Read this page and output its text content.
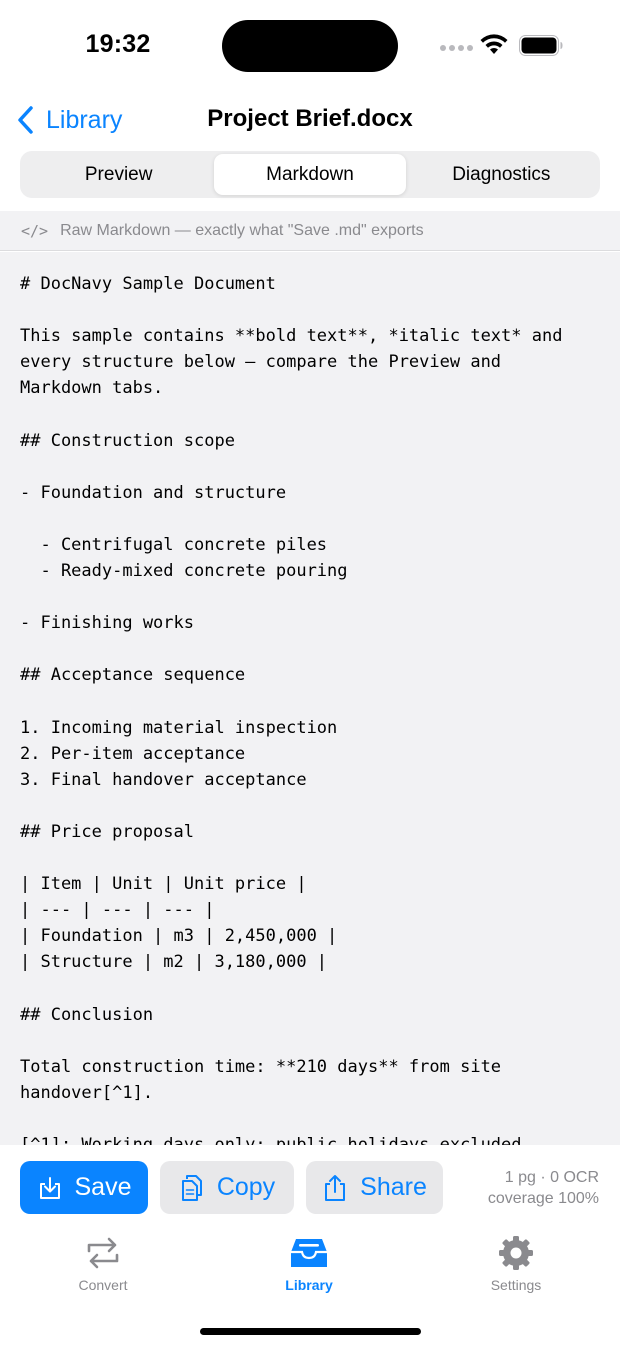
19:32
Library	Project Brief.docx
Preview	Markdown	Diagnostics
</> Raw Markdown — exactly what "Save .md" exports
# DocNavy Sample Document
This sample contains **bold text**, *italic text* and
every structure below — compare the Preview and
Markdown tabs.
## Construction scope
- Foundation and structure
- Centrifugal concrete piles
- Ready-mixed concrete pouring
- Finishing works
## Acceptance sequence
1. Incoming material inspection
2. Per-item acceptance
3. Final handover acceptance
## Price proposal
| Item | Unit | Unit price |
| --- | --- | --- |
| Foundation | m3 | 2,450,000 |
| Structure | m2 | 3,180,000 |
## Conclusion
Total construction time: **210 days** from site
handover[^1].
Save	Copy	Share	1 pg · 0 OCR
coverage 100%
Convert	Library	Settings
